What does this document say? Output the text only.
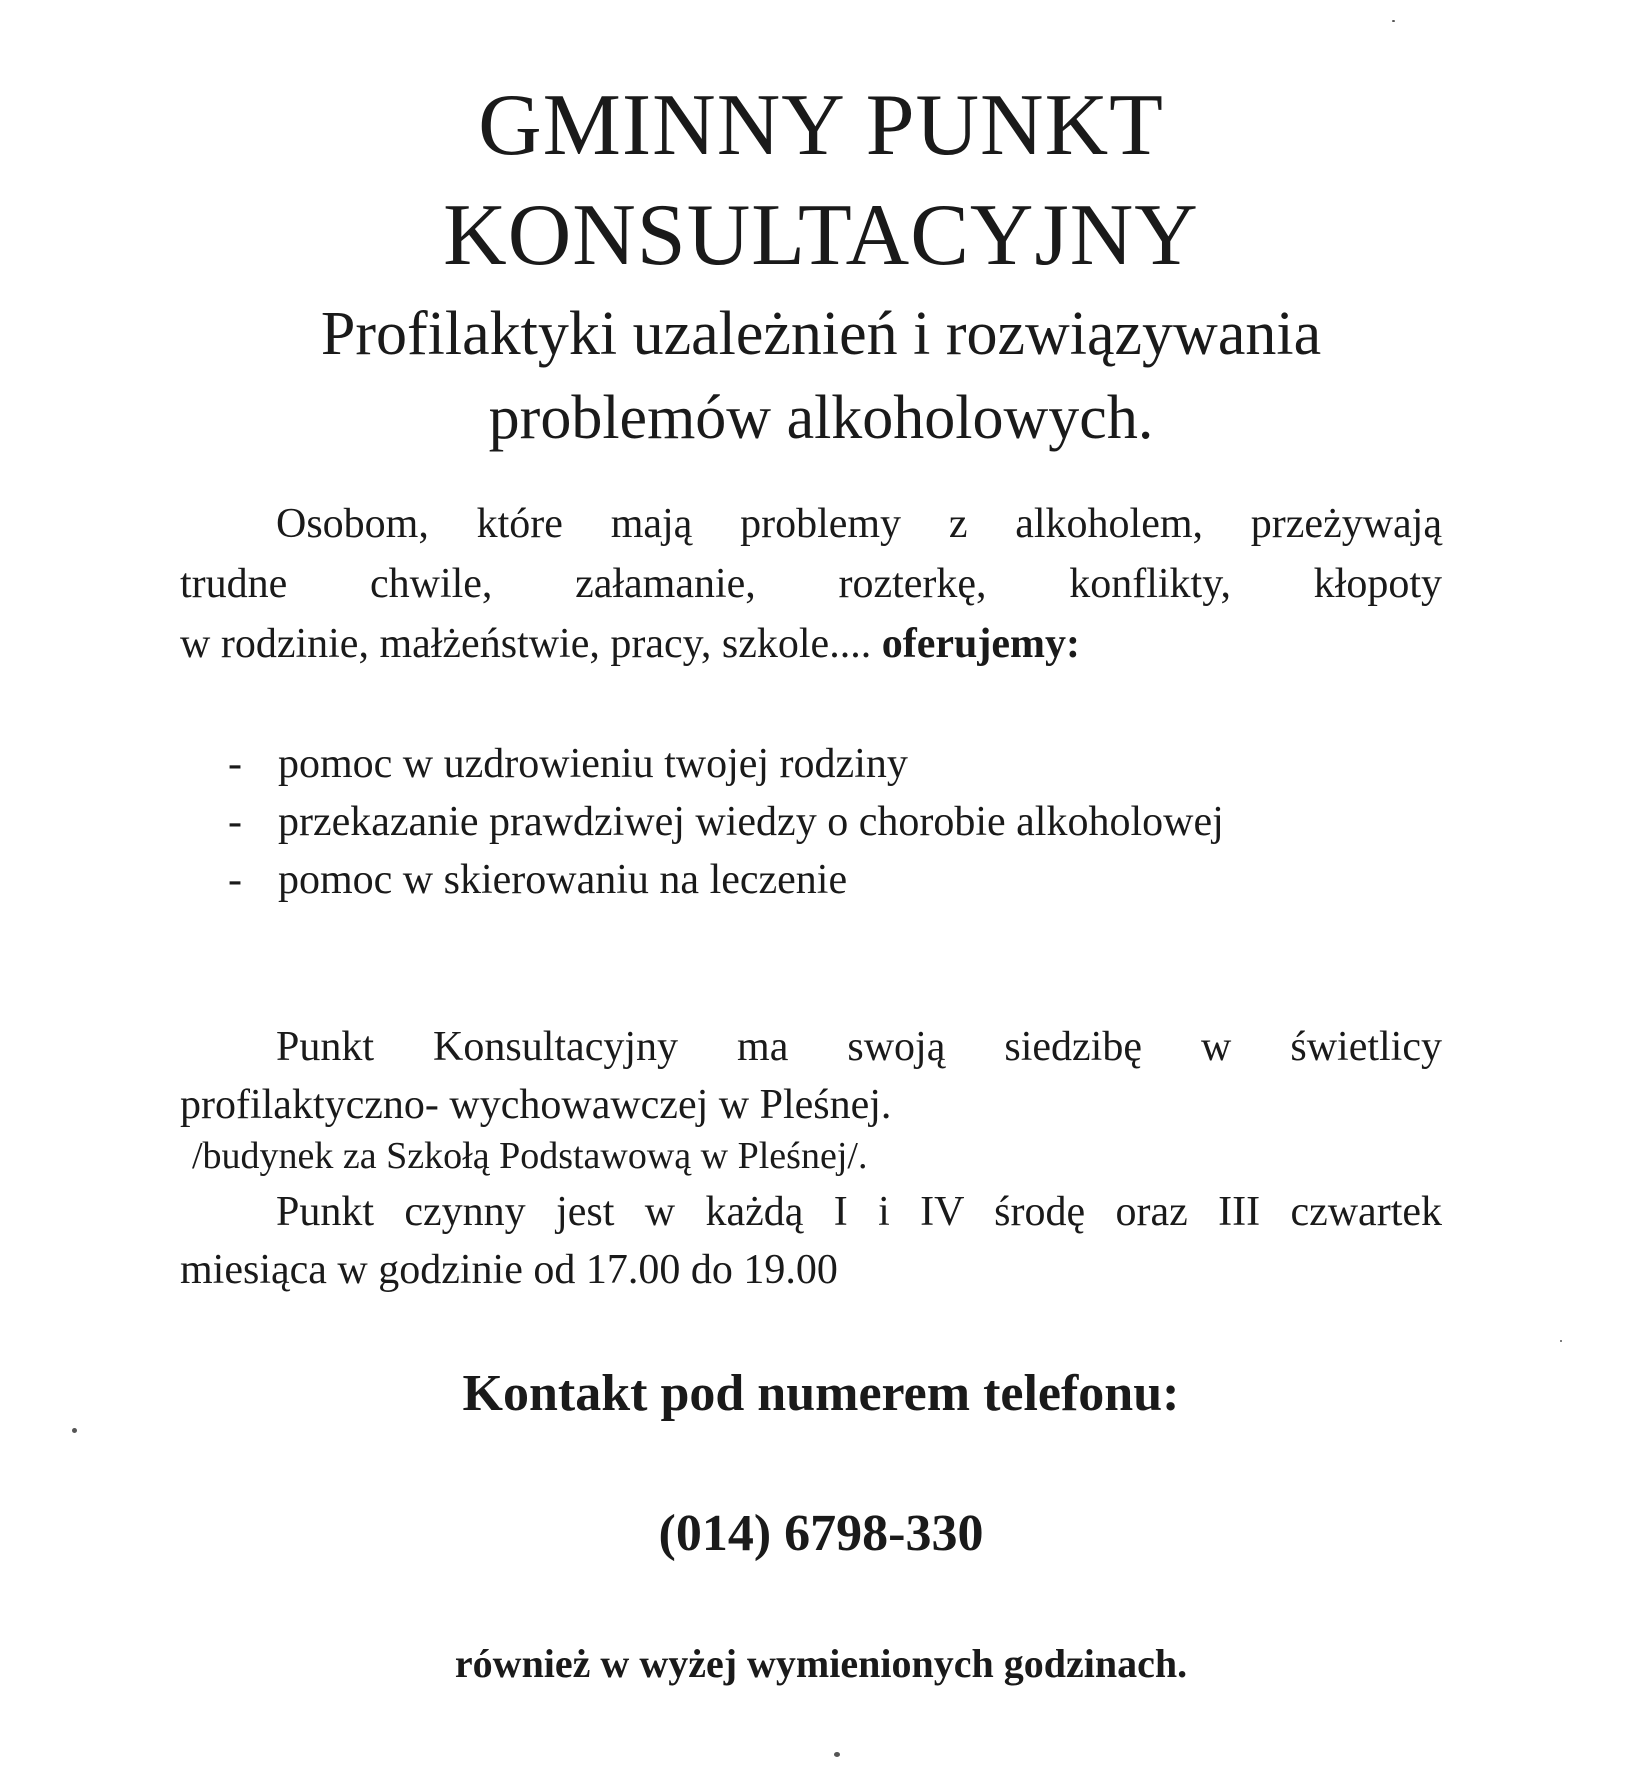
GMINNY PUNKT
KONSULTACYJNY
Profilaktyki uzależnień i rozwiązywania
problemów alkoholowych.

Osobom, które mają problemy z alkoholem, przeżywają

trudne chwile, załamanie, rozterkę, konflikty, kłopoty

w rodzinie, małżeństwie, pracy, szkole.... oferujemy:

- pomoc w uzdrowieniu twojej rodziny
- przekazanie prawdziwej wiedzy o chorobie alkoholowej
- pomoc w skierowaniu na leczenie

Punkt Konsultacyjny ma swoją siedzibę w świetlicy

profilaktyczno- wychowawczej w Pleśnej.

/budynek za Szkołą Podstawową w Pleśnej/.

Punkt czynny jest w każdą I i IV środę oraz III czwartek

miesiąca w godzinie od 17.00 do 19.00

Kontakt pod numerem telefonu:

(014) 6798-330

również w wyżej wymienionych godzinach.
